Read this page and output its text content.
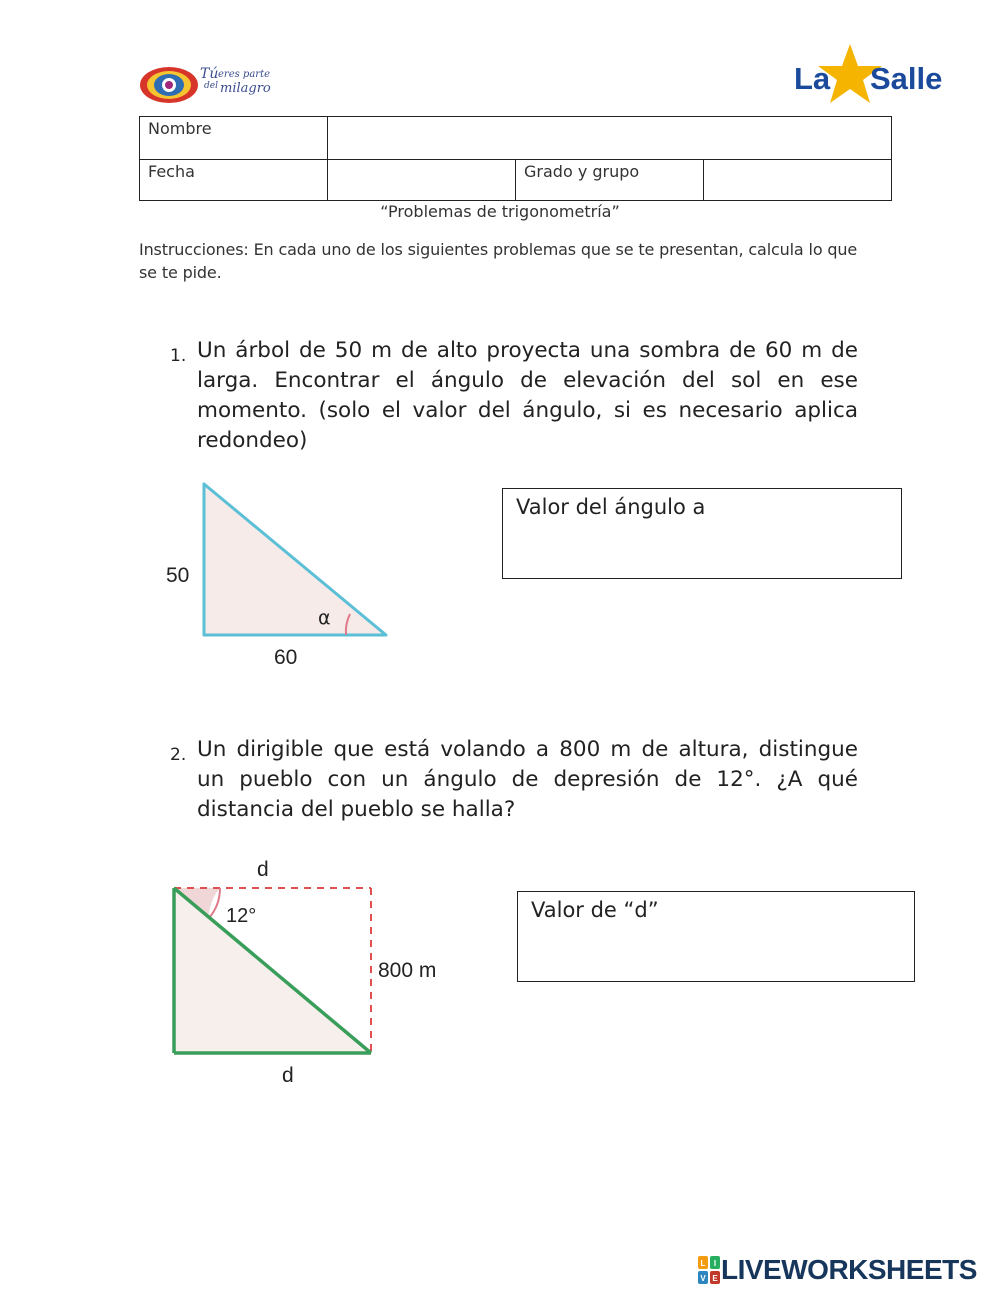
Tú eres parte
del milagro	La Salle
Nombre			
Fecha		Grado y grupo	
“Problemas de trigonometría”
Instrucciones: En cada uno de los siguientes problemas que se te presentan, calcula lo que se te pide.
1. Un árbol de 50 m de alto proyecta una sombra de 60 m de larga. Encontrar el ángulo de elevación del sol en ese momento. (solo el valor del ángulo, si es necesario aplica redondeo)
50
60
α
Valor del ángulo a
2. Un dirigible que está volando a 800 m de altura, distingue un pueblo con un ángulo de depresión de 12°. ¿A qué distancia del pueblo se halla?
d
12°
800 m
d
Valor de “d”
L I
V E LIVEWORKSHEETS
